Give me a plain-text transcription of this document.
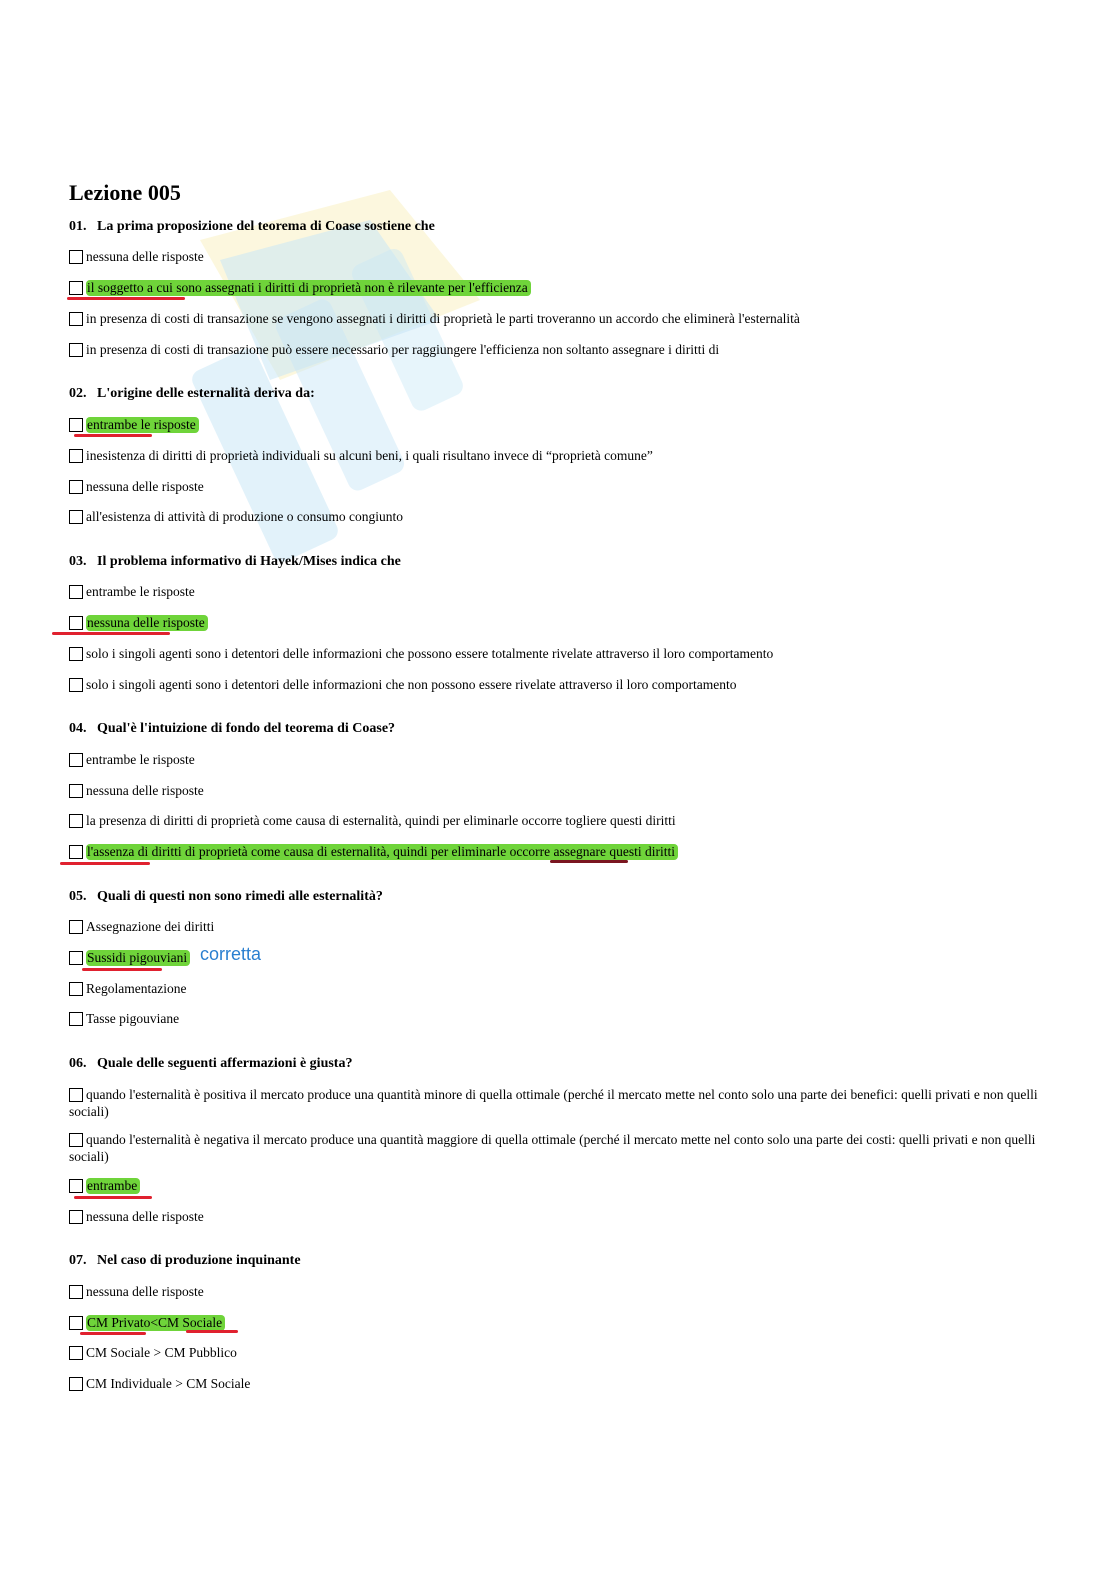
Lezione 005
01. La prima proposizione del teorema di Coase sostiene che
nessuna delle risposte
il soggetto a cui sono assegnati i diritti di proprietà non è rilevante per l'efficienza
in presenza di costi di transazione se vengono assegnati i diritti di proprietà le parti troveranno un accordo che eliminerà l'esternalità
in presenza di costi di transazione può essere necessario per raggiungere l'efficienza non soltanto assegnare i diritti di
02. L'origine delle esternalità deriva da:
entrambe le risposte
inesistenza di diritti di proprietà individuali su alcuni beni, i quali risultano invece di “proprietà comune”
nessuna delle risposte
all'esistenza di attività di produzione o consumo congiunto
03. Il problema informativo di Hayek/Mises indica che
entrambe le risposte
nessuna delle risposte
solo i singoli agenti sono i detentori delle informazioni che possono essere totalmente rivelate attraverso il loro comportamento
solo i singoli agenti sono i detentori delle informazioni che non possono essere rivelate attraverso il loro comportamento
04. Qual'è l'intuizione di fondo del teorema di Coase?
entrambe le risposte
nessuna delle risposte
la presenza di diritti di proprietà come causa di esternalità, quindi per eliminarle occorre togliere questi diritti
l'assenza di diritti di proprietà come causa di esternalità, quindi per eliminarle occorre assegnare questi diritti
05. Quali di questi non sono rimedi alle esternalità?
Assegnazione dei diritti
Sussidi pigouviani corretta
Regolamentazione
Tasse pigouviane
06. Quale delle seguenti affermazioni è giusta?
quando l'esternalità è positiva il mercato produce una quantità minore di quella ottimale (perché il mercato mette nel conto solo una parte dei benefici: quelli privati e non quelli sociali)
quando l'esternalità è negativa il mercato produce una quantità maggiore di quella ottimale (perché il mercato mette nel conto solo una parte dei costi: quelli privati e non quelli sociali)
entrambe
nessuna delle risposte
07. Nel caso di produzione inquinante
nessuna delle risposte
CM Privato<CM Sociale
CM Sociale > CM Pubblico
CM Individuale > CM Sociale
